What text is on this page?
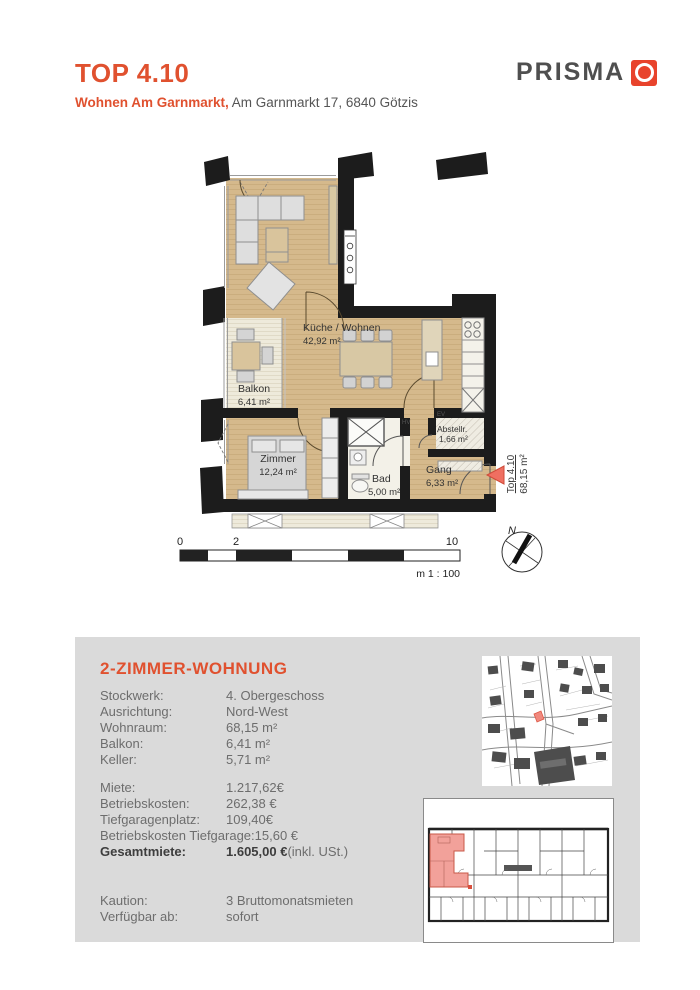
TOP 4.10
Wohnen Am Garnmarkt, Am Garnmarkt 17, 6840 Götzis
PRISMA
Küche / Wohnen
42,92 m²
Balkon
6,41 m²
Zimmer
12,24 m²
Bad
5,00 m²
Gang
6,33 m²
Abstellr.
1,66 m²
HV
EV
Top 4.10 68,15 m²
0	2	10
m 1 : 100
N
2-ZIMMER-WOHNUNG
Stockwerk:	4. Obergeschoss
Ausrichtung:	Nord-West
Wohnraum:	68,15 m²
Balkon:	6,41 m²
Keller:	5,71 m²
Miete:	1.217,62€
Betriebskosten:	262,38 €
Tiefgaragenplatz:	109,40€
Betriebskosten Tiefgarage: 15,60 €
Gesamtmiete:	1.605,00 € (inkl. USt.)
Kaution:	3 Bruttomonatsmieten
Verfügbar ab:	sofort
